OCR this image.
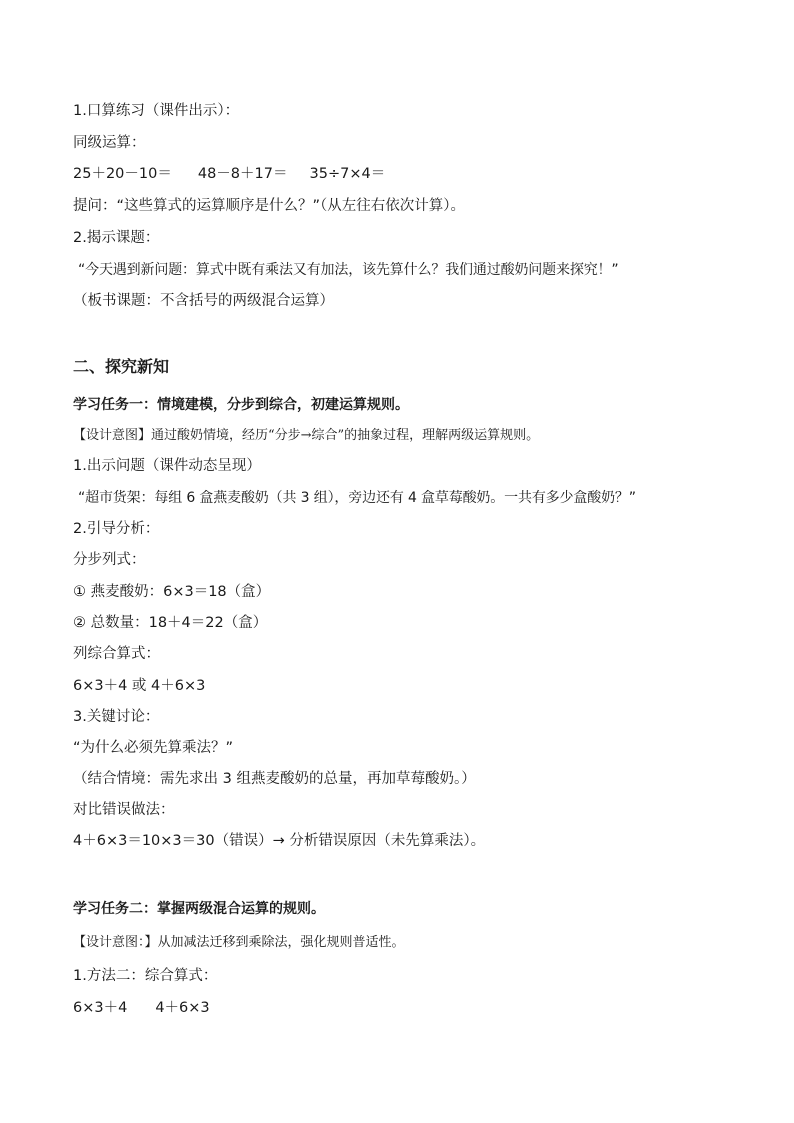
1.口算练习（课件出示）：
同级运算：
25＋20－10＝ 48－8＋17＝ 35÷7×4＝
提问：“这些算式的运算顺序是什么？”（从左往右依次计算）。
2.揭示课题：
“今天遇到新问题：算式中既有乘法又有加法，该先算什么？我们通过酸奶问题来探究！”
（板书课题：不含括号的两级混合运算）
二、探究新知
学习任务一：情境建模，分步到综合，初建运算规则。
【设计意图】通过酸奶情境，经历“分步→综合”的抽象过程，理解两级运算规则。
1.出示问题（课件动态呈现）
“超市货架：每组 6 盒燕麦酸奶（共 3 组），旁边还有 4 盒草莓酸奶。一共有多少盒酸奶？”
2.引导分析：
分步列式：
① 燕麦酸奶：6×3＝18（盒）
② 总数量：18＋4＝22（盒）
列综合算式：
6×3＋4 或 4＋6×3
3.关键讨论：
“为什么必须先算乘法？”
（结合情境：需先求出 3 组燕麦酸奶的总量，再加草莓酸奶。）
对比错误做法：
4＋6×3＝10×3＝30（错误）→ 分析错误原因（未先算乘法）。
学习任务二：掌握两级混合运算的规则。
【设计意图：】从加减法迁移到乘除法，强化规则普适性。
1.方法二：综合算式：
6×3＋4 4＋6×3
